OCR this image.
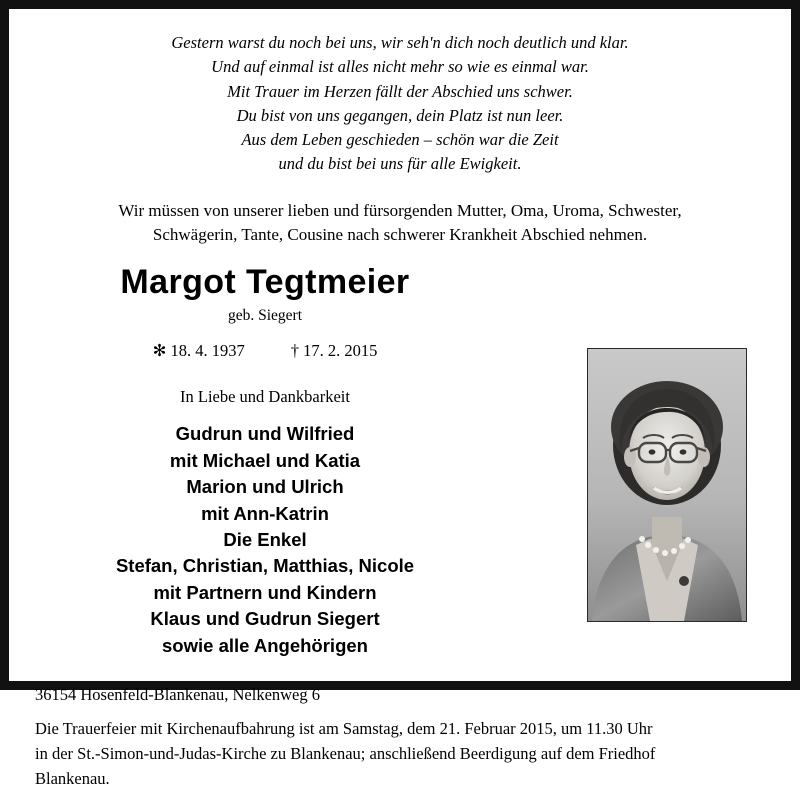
Gestern warst du noch bei uns, wir seh'n dich noch deutlich und klar.
Und auf einmal ist alles nicht mehr so wie es einmal war.
Mit Trauer im Herzen fällt der Abschied uns schwer.
Du bist von uns gegangen, dein Platz ist nun leer.
Aus dem Leben geschieden – schön war die Zeit
und du bist bei uns für alle Ewigkeit.
Wir müssen von unserer lieben und fürsorgenden Mutter, Oma, Uroma, Schwester,
Schwägerin, Tante, Cousine nach schwerer Krankheit Abschied nehmen.
Margot Tegtmeier
geb. Siegert
✻ 18. 4. 1937	† 17. 2. 2015
In Liebe und Dankbarkeit
Gudrun und Wilfried
mit Michael und Katia
Marion und Ulrich
mit Ann-Katrin
Die Enkel
Stefan, Christian, Matthias, Nicole
mit Partnern und Kindern
Klaus und Gudrun Siegert
sowie alle Angehörigen
36154 Hosenfeld-Blankenau, Nelkenweg 6
Die Trauerfeier mit Kirchenaufbahrung ist am Samstag, dem 21. Februar 2015, um 11.30 Uhr
in der St.-Simon-und-Judas-Kirche zu Blankenau; anschließend Beerdigung auf dem Friedhof
Blankenau.
